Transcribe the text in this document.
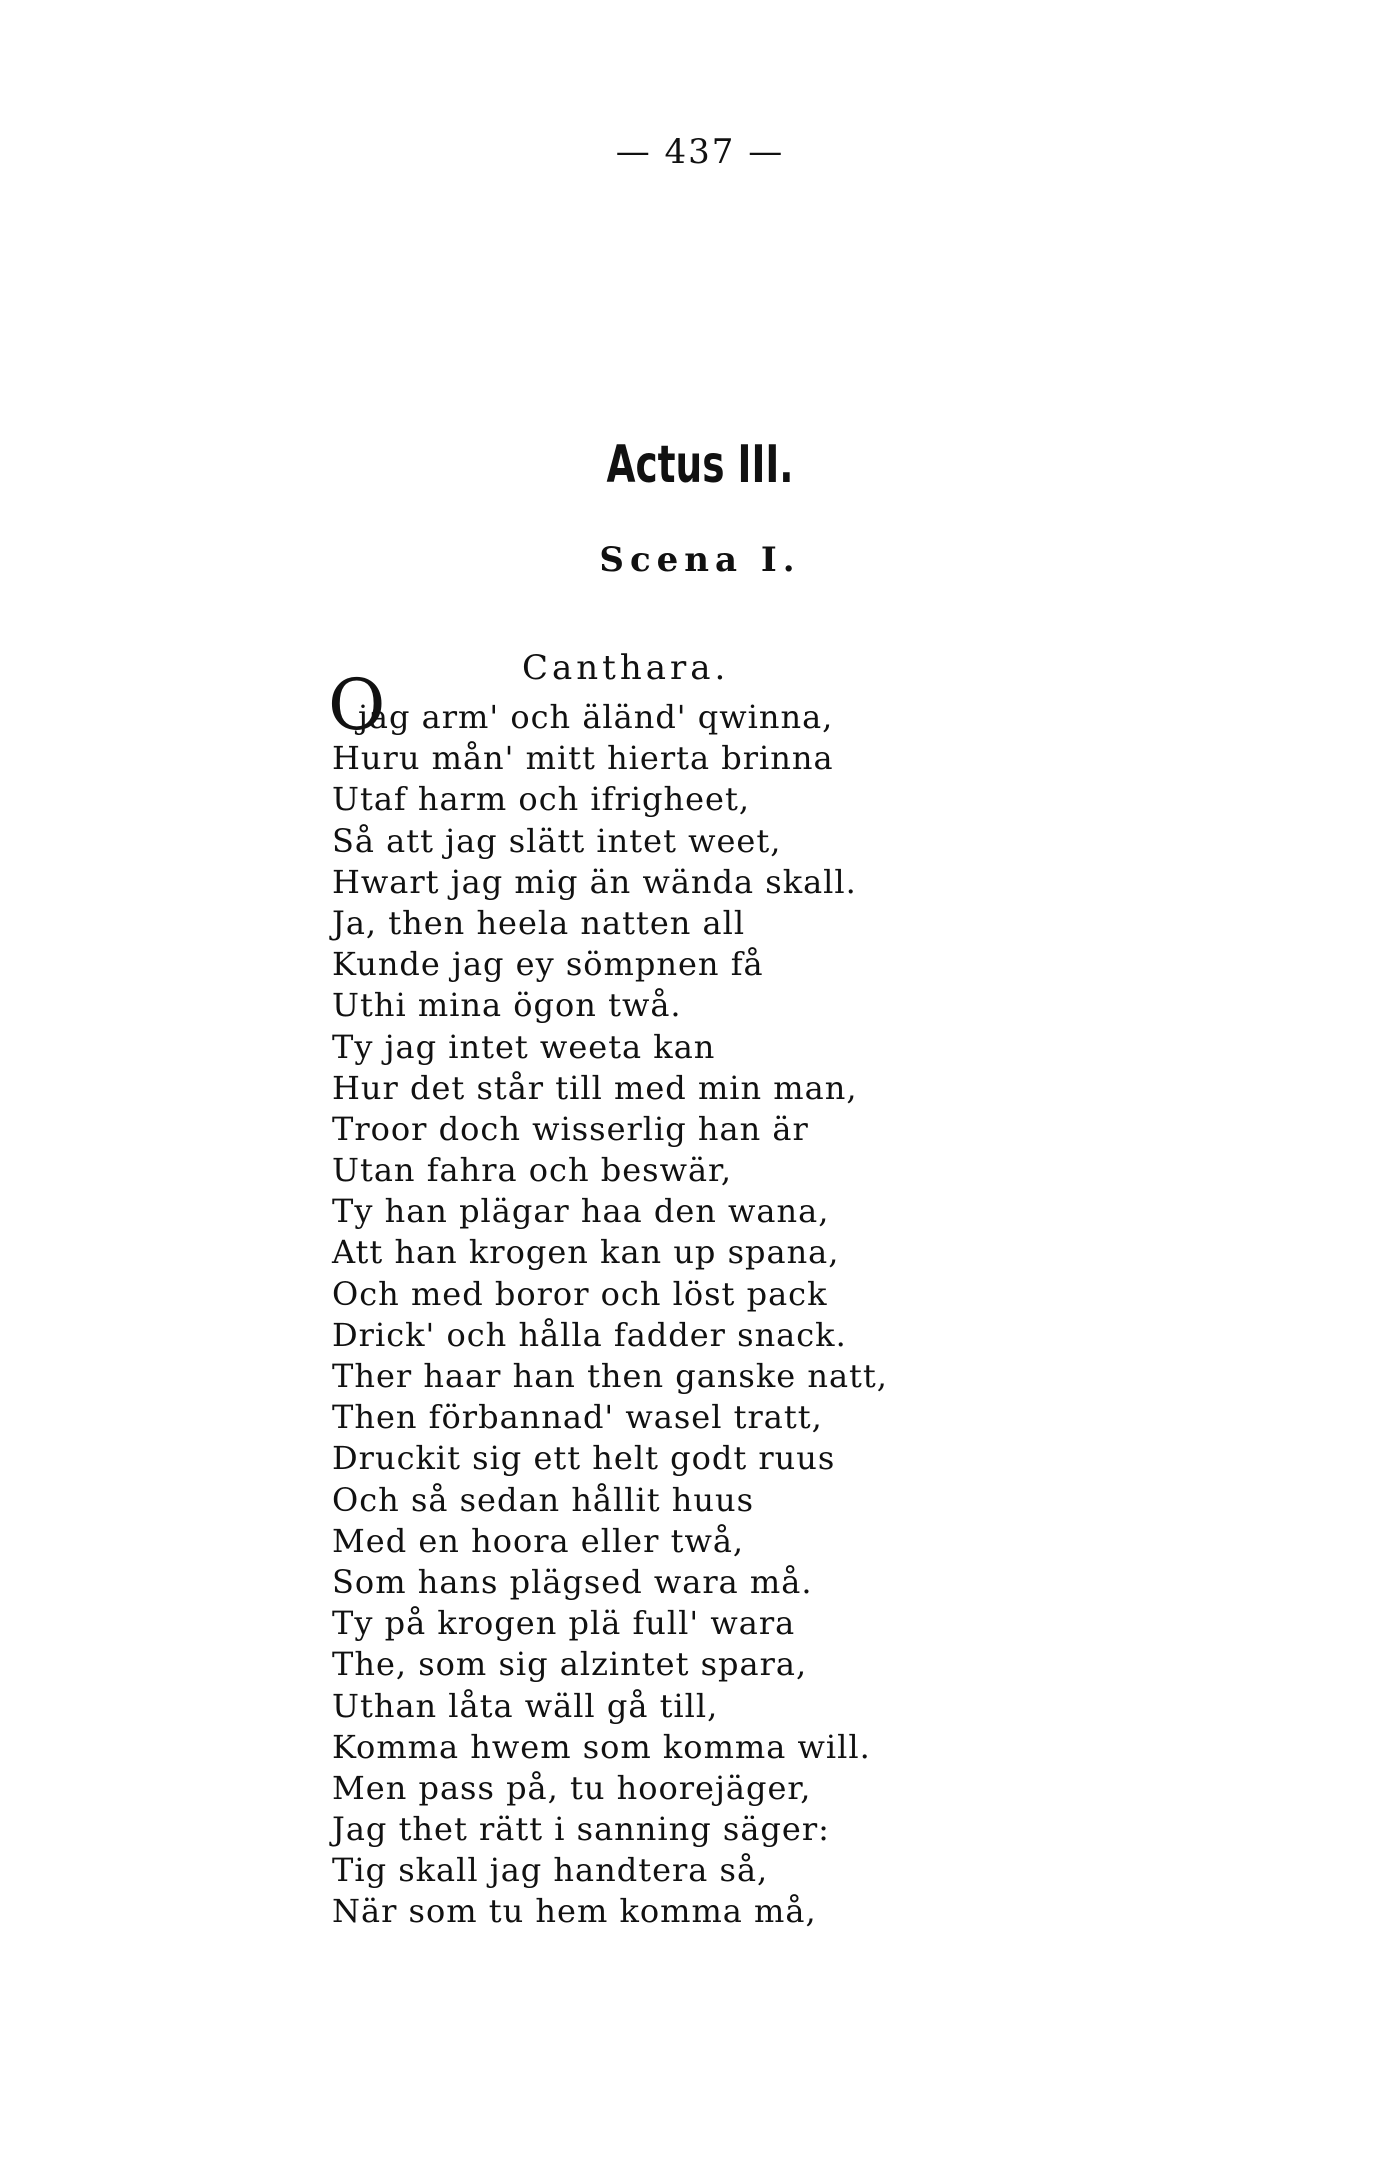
— 437 —
Actus III.
Scena I.
Canthara.
O
jag arm' och äländ' qwinna,
Huru mån' mitt hierta brinna
Utaf harm och ifrigheet,
Så att jag slätt intet weet,
Hwart jag mig än wända skall.
Ja, then heela natten all
Kunde jag ey sömpnen få
Uthi mina ögon twå.
Ty jag intet weeta kan
Hur det står till med min man,
Troor doch wisserlig han är
Utan fahra och beswär,
Ty han plägar haa den wana,
Att han krogen kan up spana,
Och med boror och löst pack
Drick' och hålla fadder snack.
Ther haar han then ganske natt,
Then förbannad' wasel tratt,
Druckit sig ett helt godt ruus
Och så sedan hållit huus
Med en hoora eller twå,
Som hans plägsed wara må.
Ty på krogen plä full' wara
The, som sig alzintet spara,
Uthan låta wäll gå till,
Komma hwem som komma will.
Men pass på, tu hoorejäger,
Jag thet rätt i sanning säger:
Tig skall jag handtera så,
När som tu hem komma må,
